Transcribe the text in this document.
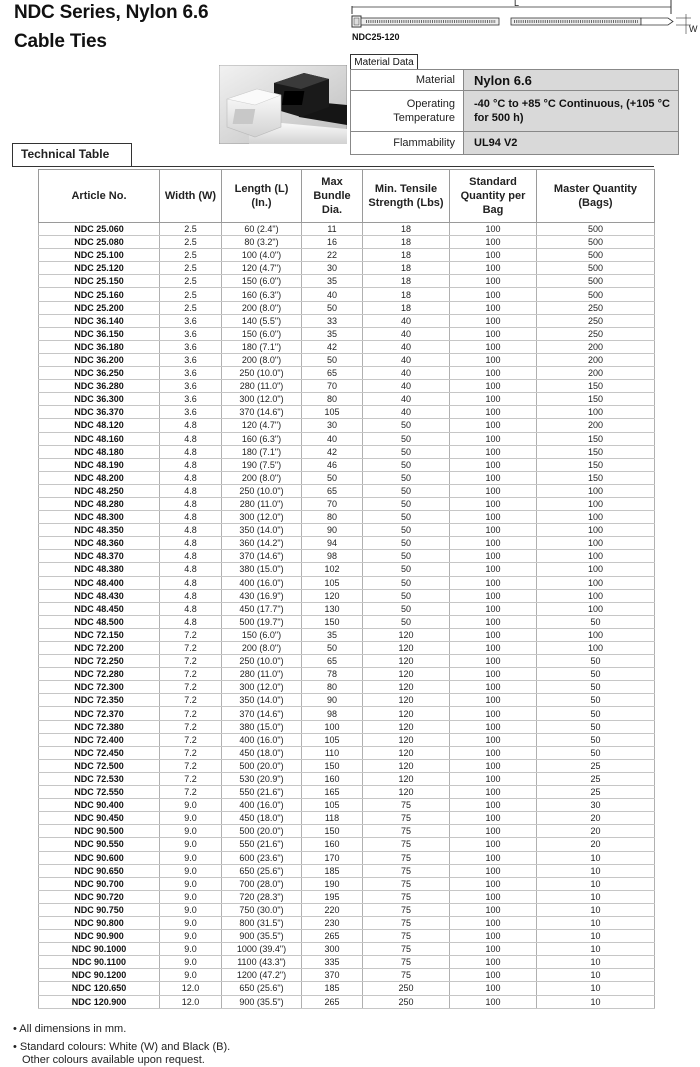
NDC Series, Nylon 6.6
Cable Ties
L
W
NDC25-120
Material Data
Material	Nylon 6.6
Operating Temperature	-40 °C to +85 °C Continuous, (+105 °C for 500 h)
Flammability	UL94 V2
Technical Table
Article No.	Width (W)	Length (L) (In.)	Max Bundle Dia.	Min. Tensile Strength (Lbs)	Standard Quantity per Bag	Master Quantity (Bags)
NDC 25.060	2.5	60 (2.4")	11	18	100	500
NDC 25.080	2.5	80 (3.2")	16	18	100	500
NDC 25.100	2.5	100 (4.0")	22	18	100	500
NDC 25.120	2.5	120 (4.7")	30	18	100	500
NDC 25.150	2.5	150 (6.0")	35	18	100	500
NDC 25.160	2.5	160 (6.3")	40	18	100	500
NDC 25.200	2.5	200 (8.0")	50	18	100	250
NDC 36.140	3.6	140 (5.5")	33	40	100	250
NDC 36.150	3.6	150 (6.0")	35	40	100	250
NDC 36.180	3.6	180 (7.1")	42	40	100	200
NDC 36.200	3.6	200 (8.0")	50	40	100	200
NDC 36.250	3.6	250 (10.0")	65	40	100	200
NDC 36.280	3.6	280 (11.0")	70	40	100	150
NDC 36.300	3.6	300 (12.0")	80	40	100	150
NDC 36.370	3.6	370 (14.6")	105	40	100	100
NDC 48.120	4.8	120 (4.7")	30	50	100	200
NDC 48.160	4.8	160 (6.3")	40	50	100	150
NDC 48.180	4.8	180 (7.1")	42	50	100	150
NDC 48.190	4.8	190 (7.5")	46	50	100	150
NDC 48.200	4.8	200 (8.0")	50	50	100	150
NDC 48.250	4.8	250 (10.0")	65	50	100	100
NDC 48.280	4.8	280 (11.0")	70	50	100	100
NDC 48.300	4.8	300 (12.0")	80	50	100	100
NDC 48.350	4.8	350 (14.0")	90	50	100	100
NDC 48.360	4.8	360 (14.2")	94	50	100	100
NDC 48.370	4.8	370 (14.6")	98	50	100	100
NDC 48.380	4.8	380 (15.0")	102	50	100	100
NDC 48.400	4.8	400 (16.0")	105	50	100	100
NDC 48.430	4.8	430 (16.9")	120	50	100	100
NDC 48.450	4.8	450 (17.7")	130	50	100	100
NDC 48.500	4.8	500 (19.7")	150	50	100	50
NDC 72.150	7.2	150 (6.0")	35	120	100	100
NDC 72.200	7.2	200 (8.0")	50	120	100	100
NDC 72.250	7.2	250 (10.0")	65	120	100	50
NDC 72.280	7.2	280 (11.0")	78	120	100	50
NDC 72.300	7.2	300 (12.0")	80	120	100	50
NDC 72.350	7.2	350 (14.0")	90	120	100	50
NDC 72.370	7.2	370 (14.6")	98	120	100	50
NDC 72.380	7.2	380 (15.0")	100	120	100	50
NDC 72.400	7.2	400 (16.0")	105	120	100	50
NDC 72.450	7.2	450 (18.0")	110	120	100	50
NDC 72.500	7.2	500 (20.0")	150	120	100	25
NDC 72.530	7.2	530 (20.9")	160	120	100	25
NDC 72.550	7.2	550 (21.6")	165	120	100	25
NDC 90.400	9.0	400 (16.0")	105	75	100	30
NDC 90.450	9.0	450 (18.0")	118	75	100	20
NDC 90.500	9.0	500 (20.0")	150	75	100	20
NDC 90.550	9.0	550 (21.6")	160	75	100	20
NDC 90.600	9.0	600 (23.6")	170	75	100	10
NDC 90.650	9.0	650 (25.6")	185	75	100	10
NDC 90.700	9.0	700 (28.0")	190	75	100	10
NDC 90.720	9.0	720 (28.3")	195	75	100	10
NDC 90.750	9.0	750 (30.0")	220	75	100	10
NDC 90.800	9.0	800 (31.5")	230	75	100	10
NDC 90.900	9.0	900 (35.5")	265	75	100	10
NDC 90.1000	9.0	1000 (39.4")	300	75	100	10
NDC 90.1100	9.0	1100 (43.3")	335	75	100	10
NDC 90.1200	9.0	1200 (47.2")	370	75	100	10
NDC 120.650	12.0	650 (25.6")	185	250	100	10
NDC 120.900	12.0	900 (35.5")	265	250	100	10
• All dimensions in mm.
• Standard colours: White (W) and Black (B).
Other colours available upon request.
